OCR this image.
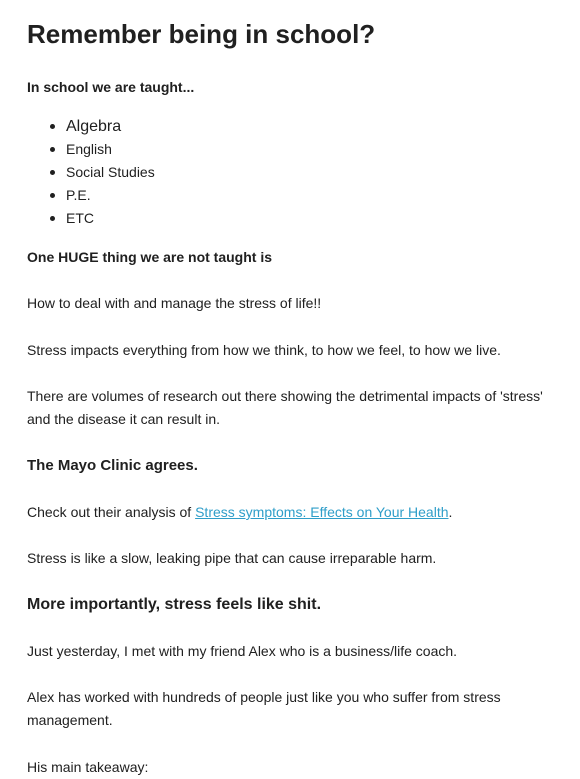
Remember being in school?

In school we are taught...

Algebra
English
Social Studies
P.E.
ETC

One HUGE thing we are not taught is

How to deal with and manage the stress of life!!

Stress impacts everything from how we think, to how we feel, to how we live.

There are volumes of research out there showing the detrimental impacts of 'stress' and the disease it can result in.

The Mayo Clinic agrees.

Check out their analysis of Stress symptoms: Effects on Your Health.

Stress is like a slow, leaking pipe that can cause irreparable harm.

More importantly, stress feels like shit.

Just yesterday, I met with my friend Alex who is a business/life coach.

Alex has worked with hundreds of people just like you who suffer from stress management.

His main takeaway:
